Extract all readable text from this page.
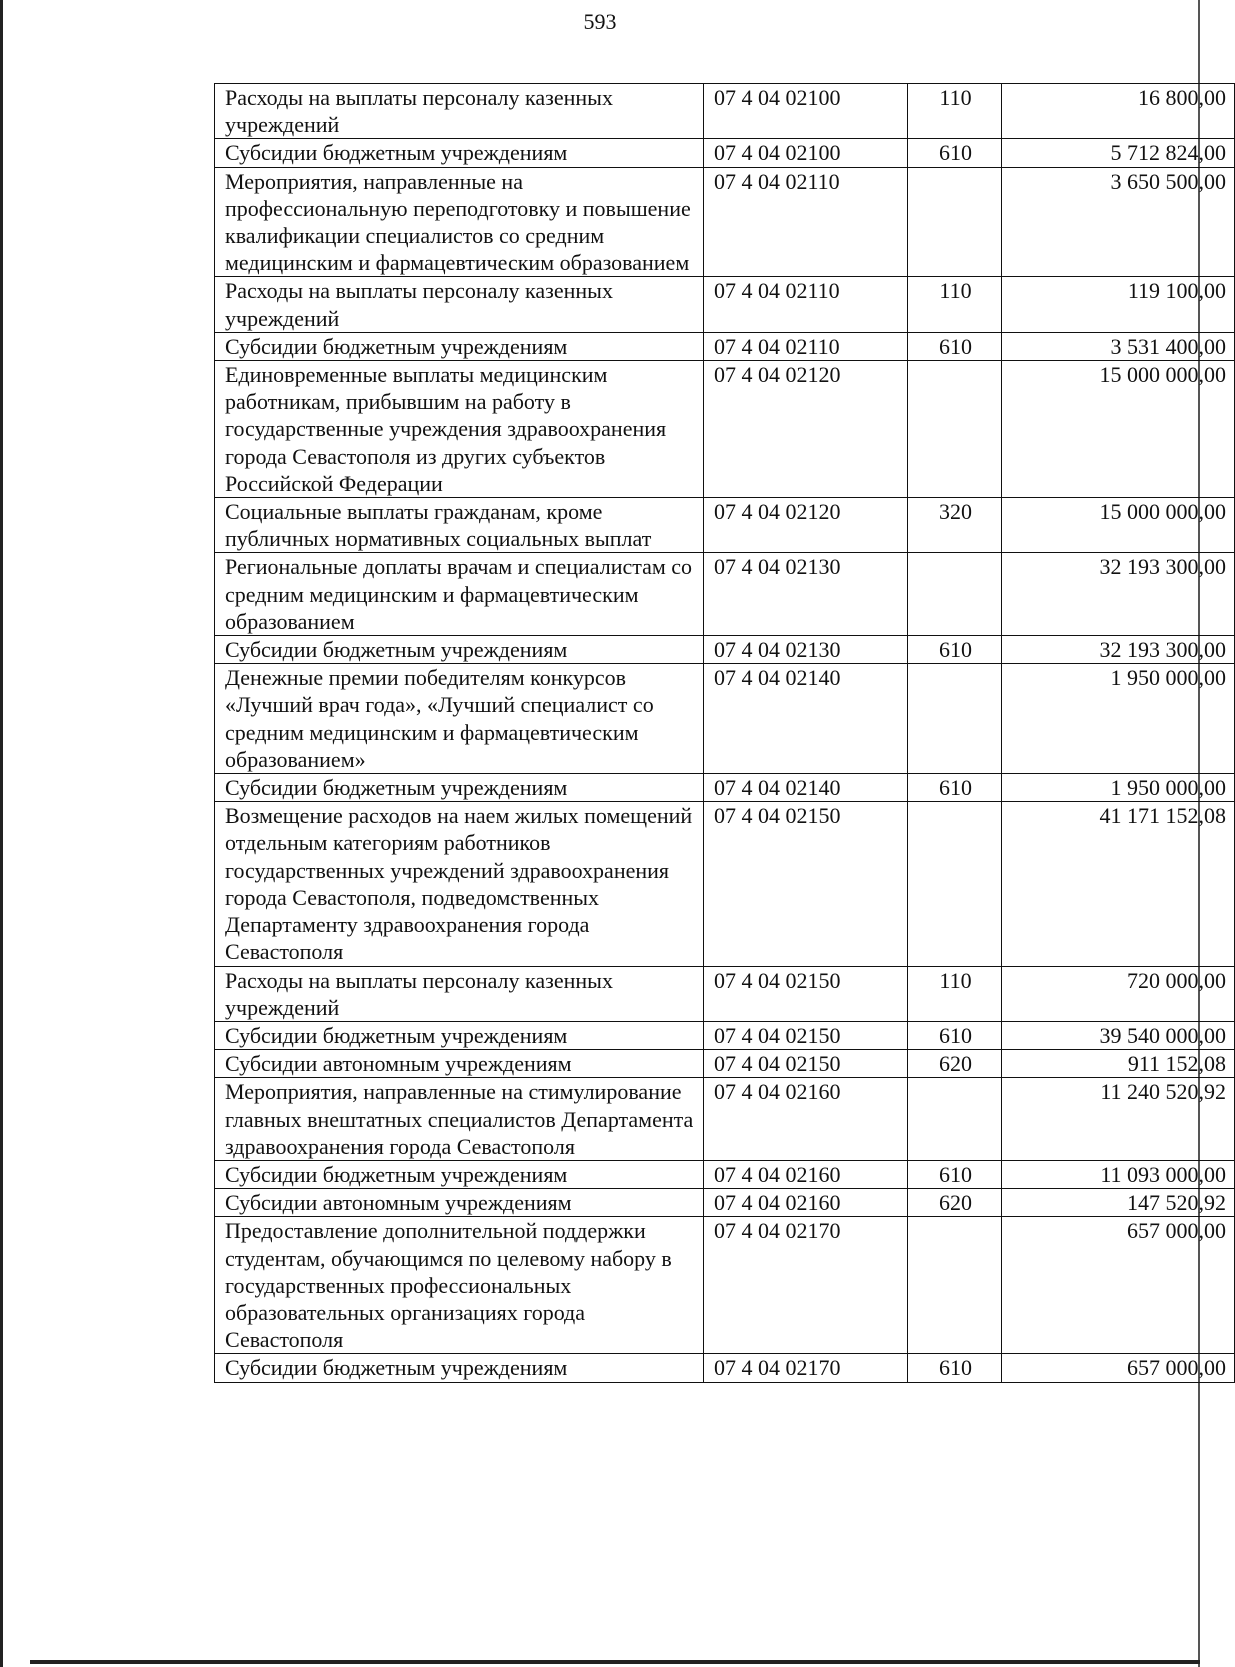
593
Расходы на выплаты персоналу казенных учреждений	07 4 04 02100	110	16 800,00
Субсидии бюджетным учреждениям	07 4 04 02100	610	5 712 824,00
Мероприятия, направленные на профессиональную переподготовку и повышение квалификации специалистов со средним медицинским и фармацевтическим образованием	07 4 04 02110		3 650 500,00
Расходы на выплаты персоналу казенных учреждений	07 4 04 02110	110	119 100,00
Субсидии бюджетным учреждениям	07 4 04 02110	610	3 531 400,00
Единовременные выплаты медицинским работникам, прибывшим на работу в государственные учреждения здравоохранения города Севастополя из других субъектов Российской Федерации	07 4 04 02120		15 000 000,00
Социальные выплаты гражданам, кроме публичных нормативных социальных выплат	07 4 04 02120	320	15 000 000,00
Региональные доплаты врачам и специалистам со средним медицинским и фармацевтическим образованием	07 4 04 02130		32 193 300,00
Субсидии бюджетным учреждениям	07 4 04 02130	610	32 193 300,00
Денежные премии победителям конкурсов «Лучший врач года», «Лучший специалист со средним медицинским и фармацевтическим образованием»	07 4 04 02140		1 950 000,00
Субсидии бюджетным учреждениям	07 4 04 02140	610	1 950 000,00
Возмещение расходов на наем жилых помещений отдельным категориям работников государственных учреждений здравоохранения города Севастополя, подведомственных Департаменту здравоохранения города Севастополя	07 4 04 02150		41 171 152,08
Расходы на выплаты персоналу казенных учреждений	07 4 04 02150	110	720 000,00
Субсидии бюджетным учреждениям	07 4 04 02150	610	39 540 000,00
Субсидии автономным учреждениям	07 4 04 02150	620	911 152,08
Мероприятия, направленные на стимулирование главных внештатных специалистов Департамента здравоохранения города Севастополя	07 4 04 02160		11 240 520,92
Субсидии бюджетным учреждениям	07 4 04 02160	610	11 093 000,00
Субсидии автономным учреждениям	07 4 04 02160	620	147 520,92
Предоставление дополнительной поддержки студентам, обучающимся по целевому набору в государственных профессиональных образовательных организациях города Севастополя	07 4 04 02170		657 000,00
Субсидии бюджетным учреждениям	07 4 04 02170	610	657 000,00
